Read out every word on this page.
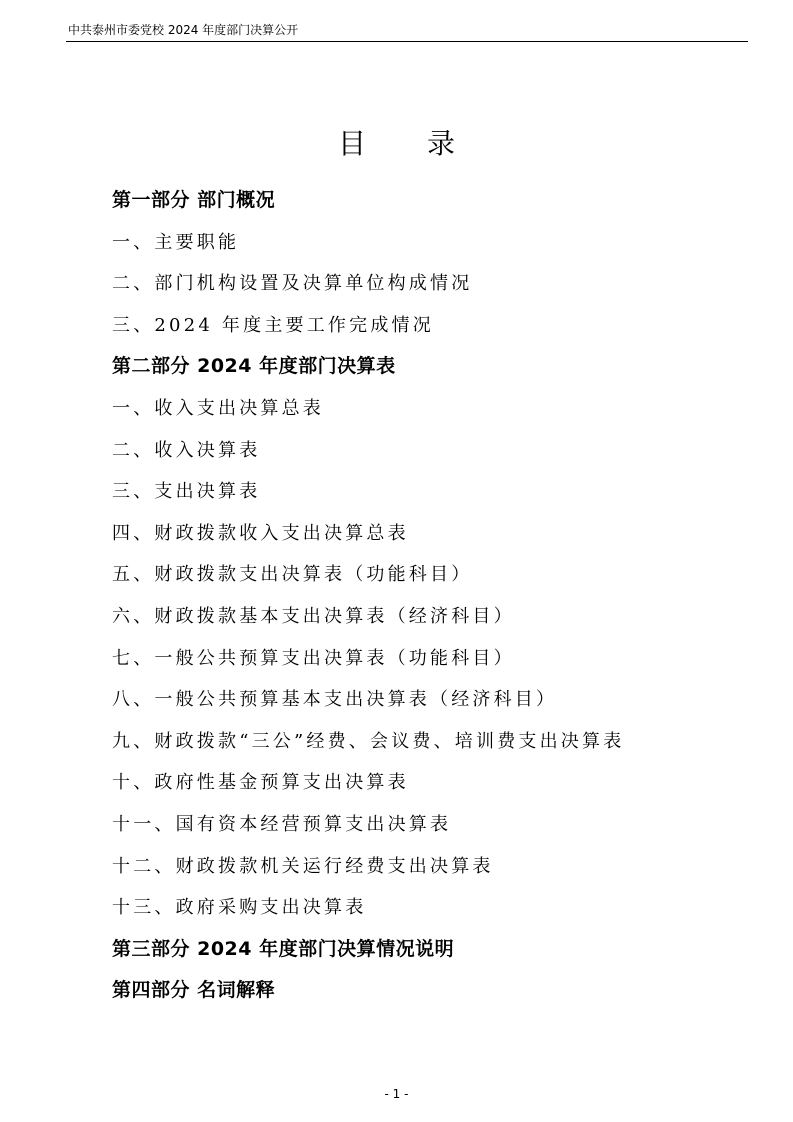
中共泰州市委党校 2024 年度部门决算公开
目 录
第一部分 部门概况
一、主要职能
二、部门机构设置及决算单位构成情况
三、2024 年度主要工作完成情况
第二部分 2024 年度部门决算表
一、收入支出决算总表
二、收入决算表
三、支出决算表
四、财政拨款收入支出决算总表
五、财政拨款支出决算表（功能科目）
六、财政拨款基本支出决算表（经济科目）
七、一般公共预算支出决算表（功能科目）
八、一般公共预算基本支出决算表（经济科目）
九、财政拨款“三公”经费、会议费、培训费支出决算表
十、政府性基金预算支出决算表
十一、国有资本经营预算支出决算表
十二、财政拨款机关运行经费支出决算表
十三、政府采购支出决算表
第三部分 2024 年度部门决算情况说明
第四部分 名词解释
- 1 -
